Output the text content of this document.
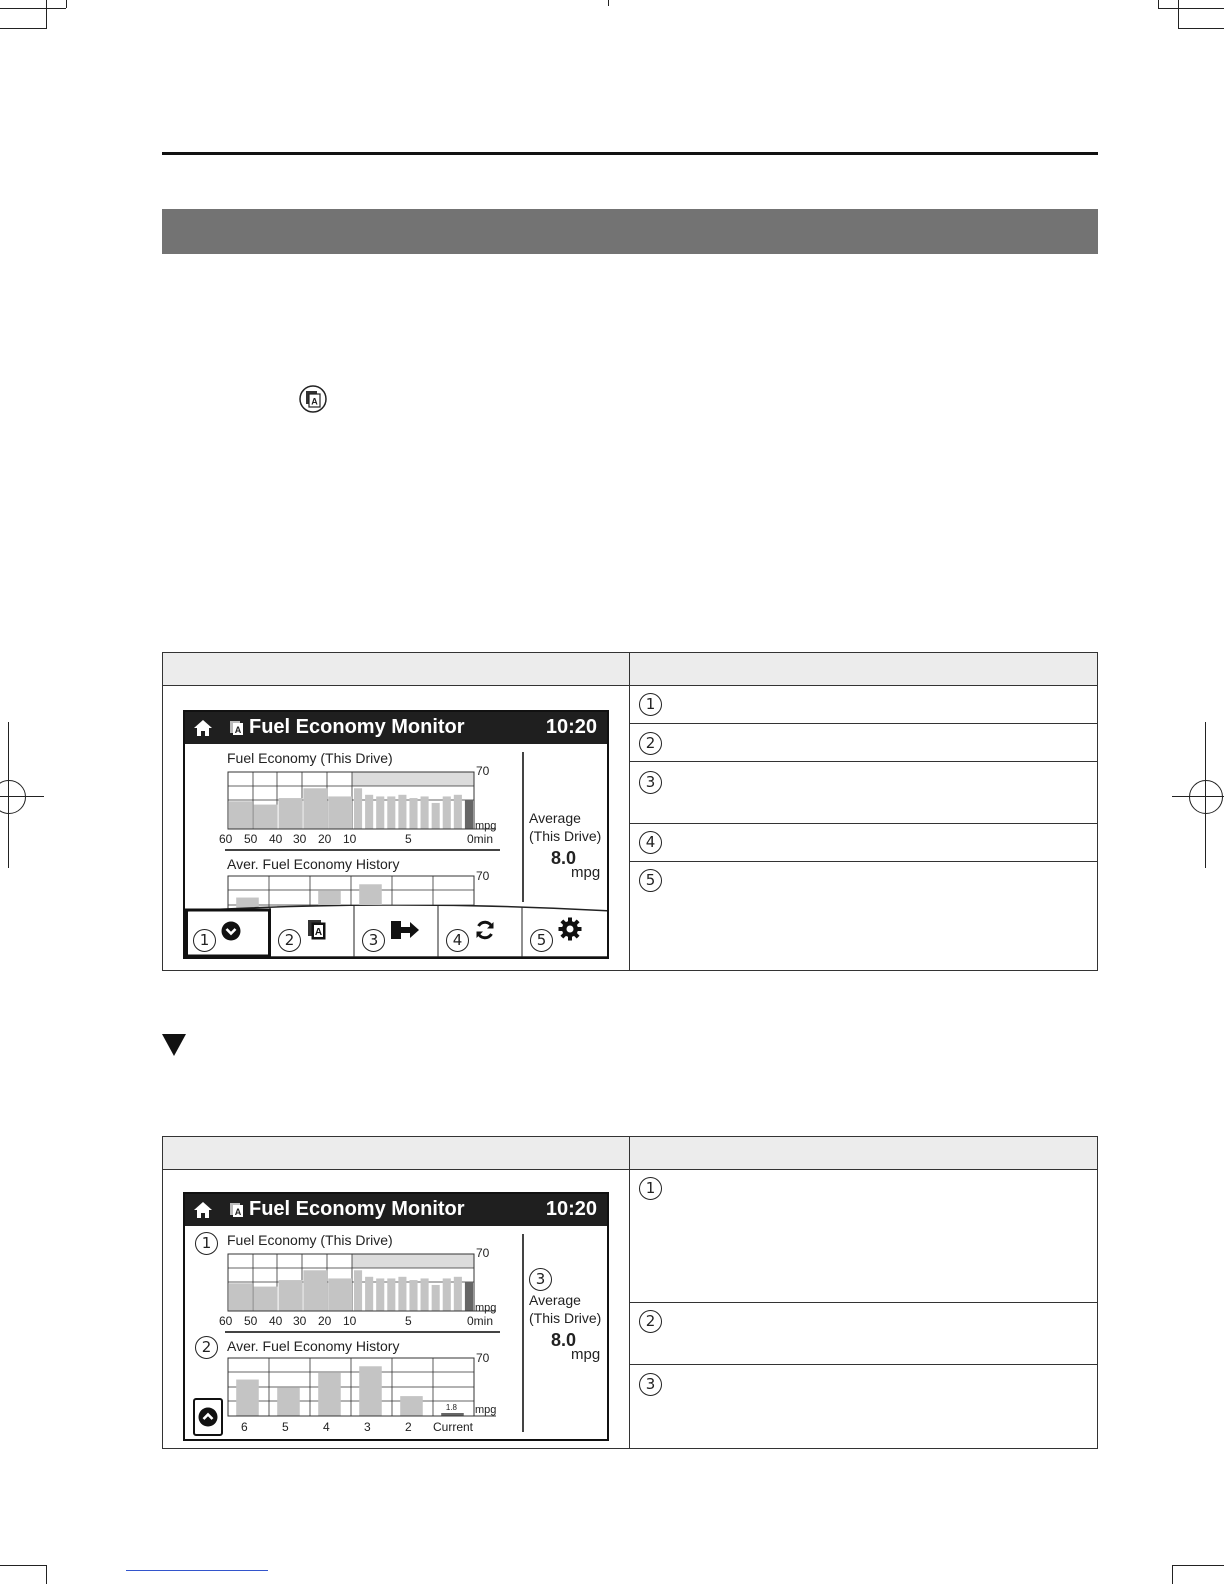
A
1
2
3
4
5
A Fuel Economy Monitor	10:20
Fuel Economy (This Drive)
70
mpg
60 50 40 30 20 10	5	0min
Aver. Fuel Economy History
70
Average
(This Drive)
8.0
mpg
1	2	A	3	4	5
1
2
3
A Fuel Economy Monitor	10:20
1	Fuel Economy (This Drive)
1.8
70
mpg
60 50 40 30 20 10	5	0min
2	Aver. Fuel Economy History
70
mpg
6	5	4	3	2 Current
3
Average
(This Drive)
8.0
mpg
